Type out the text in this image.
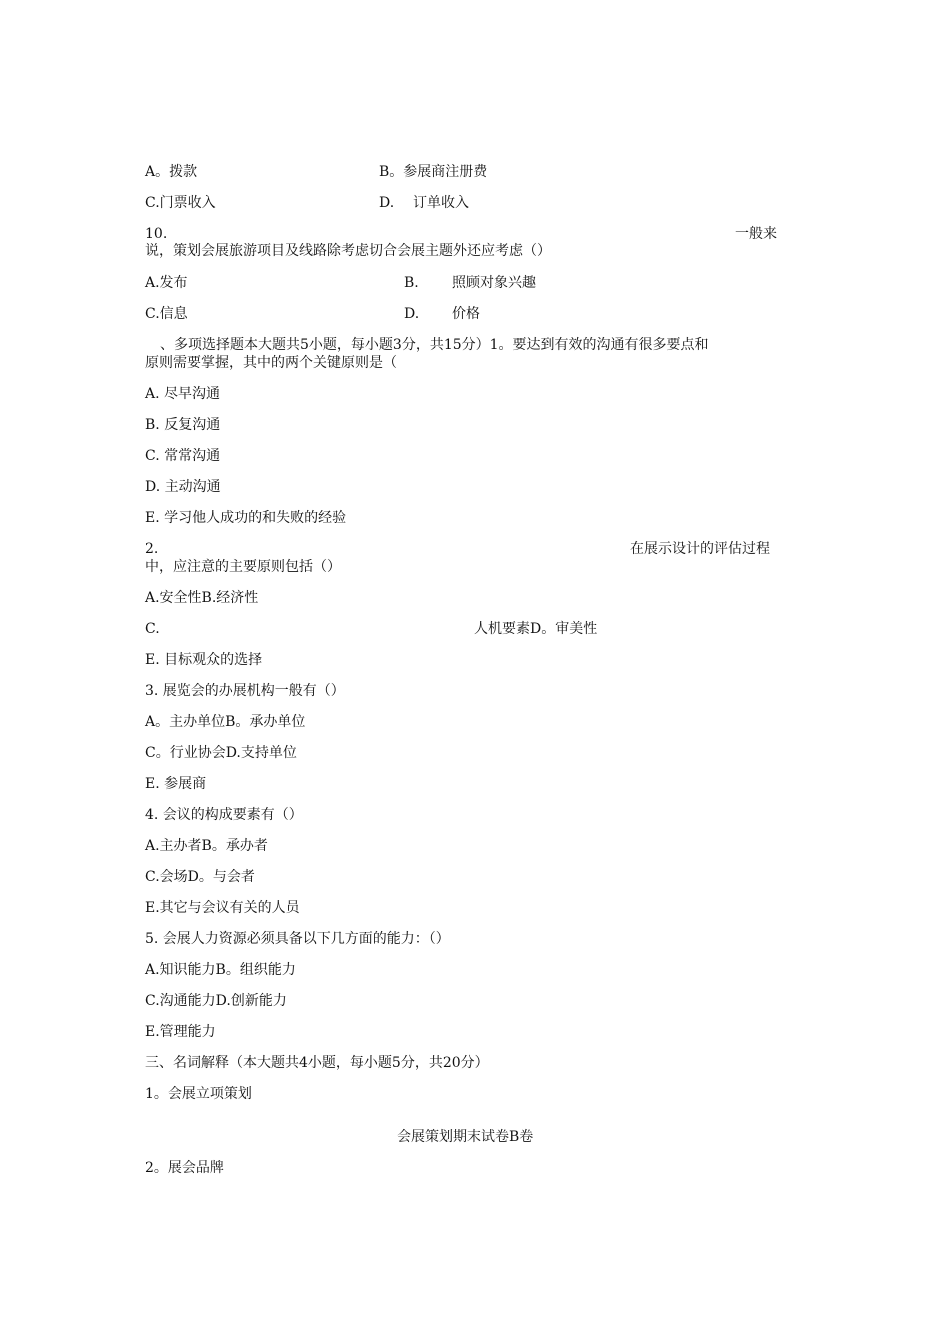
A。拨款	B。参展商注册费
C.门票收入	D. 订单收入
10.	一般来
说，策划会展旅游项目及线路除考虑切合会展主题外还应考虑（）
A.发布	B. 照顾对象兴趣
C.信息	D. 价格
、多项选择题本大题共5小题，每小题3分，共15分）1。要达到有效的沟通有很多要点和
原则需要掌握，其中的两个关键原则是（
A. 尽早沟通
B. 反复沟通
C. 常常沟通
D. 主动沟通
E. 学习他人成功的和失败的经验
2.	在展示设计的评估过程
中，应注意的主要原则包括（）
A.安全性B.经济性
C.	人机要素D。审美性
E. 目标观众的选择
3. 展览会的办展机构一般有（）
A。主办单位B。承办单位
C。行业协会D.支持单位
E. 参展商
4. 会议的构成要素有（）
A.主办者B。承办者
C.会场D。与会者
E.其它与会议有关的人员
5. 会展人力资源必须具备以下几方面的能力：（）
A.知识能力B。组织能力
C.沟通能力D.创新能力
E.管理能力
三、名词解释（本大题共4小题，每小题5分，共20分）
1。会展立项策划
会展策划期末试卷B卷
2。展会品牌
